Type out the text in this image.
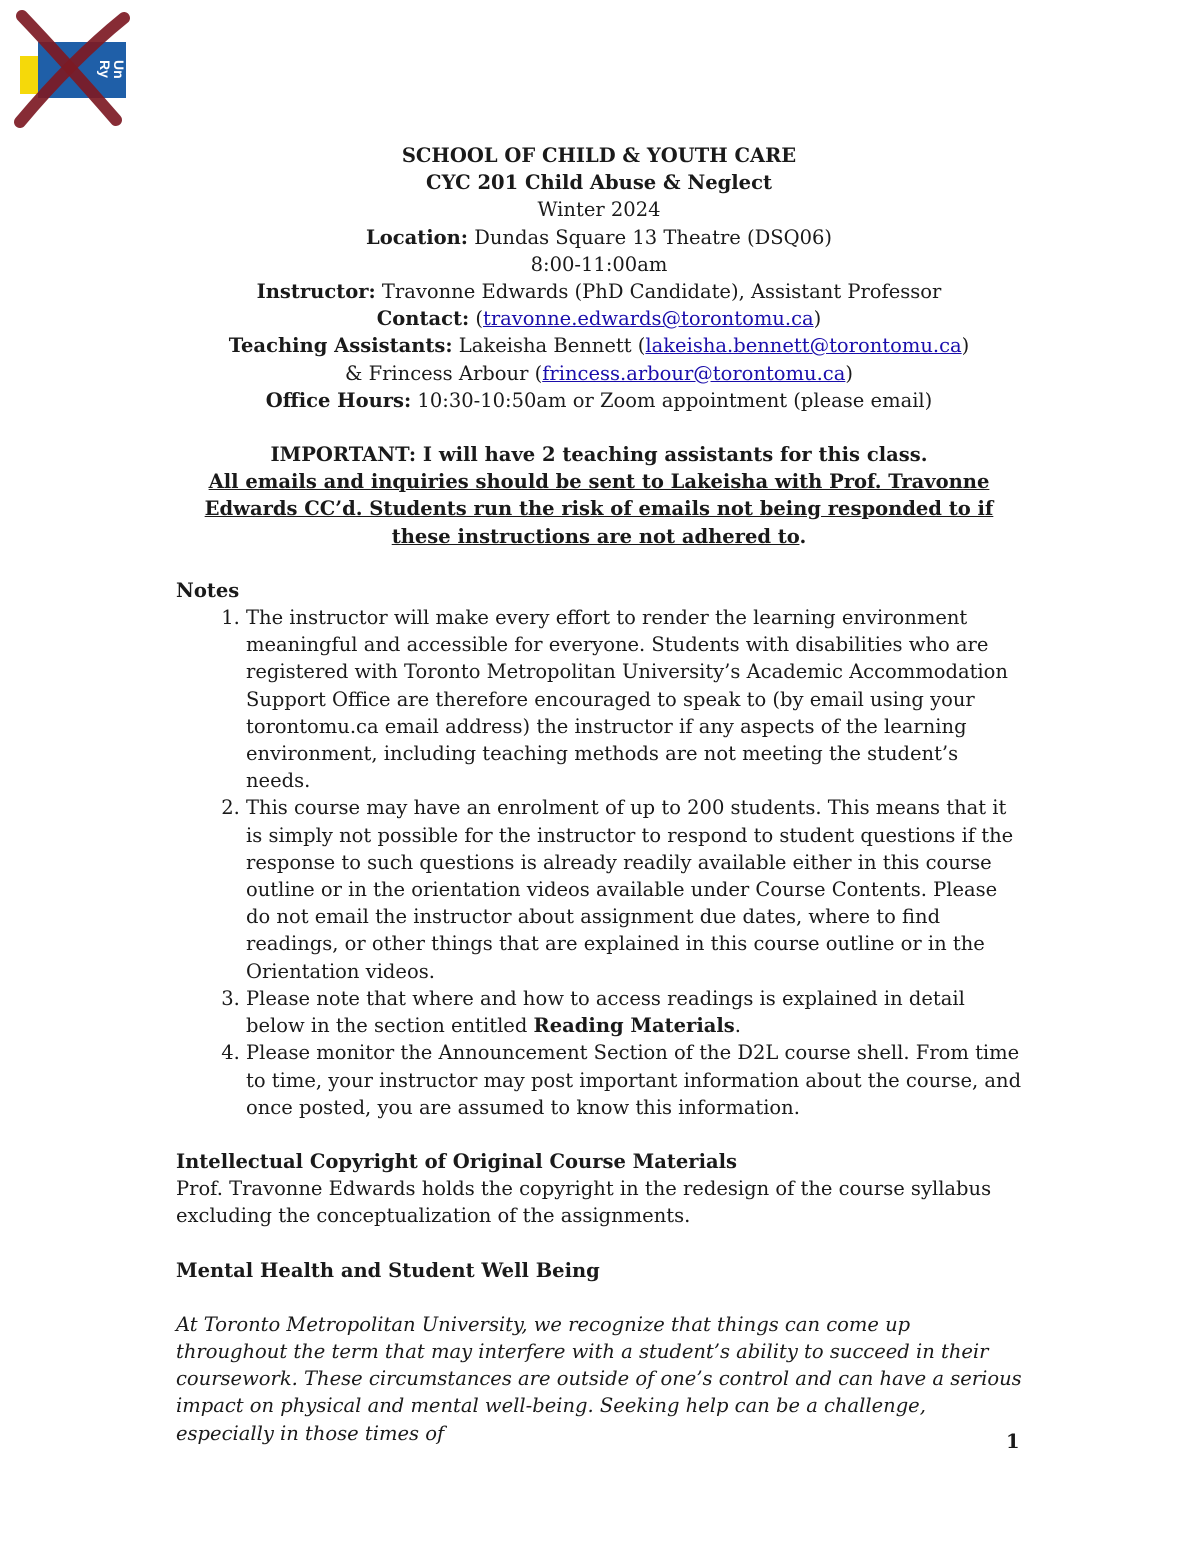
Ry
Un
SCHOOL OF CHILD & YOUTH CARE
CYC 201 Child Abuse & Neglect
Winter 2024
Location: Dundas Square 13 Theatre (DSQ06)
8:00-11:00am
Instructor: Travonne Edwards (PhD Candidate), Assistant Professor
Contact: (travonne.edwards@torontomu.ca)
Teaching Assistants: Lakeisha Bennett (lakeisha.bennett@torontomu.ca)
& Frincess Arbour (frincess.arbour@torontomu.ca)
Office Hours: 10:30-10:50am or Zoom appointment (please email)
IMPORTANT: I will have 2 teaching assistants for this class.
All emails and inquiries should be sent to Lakeisha with Prof. Travonne Edwards CC’d. Students run the risk of emails not being responded to if these instructions are not adhered to.
Notes
1. The instructor will make every effort to render the learning environment meaningful and accessible for everyone. Students with disabilities who are registered with Toronto Metropolitan University’s Academic Accommodation Support Office are therefore encouraged to speak to (by email using your torontomu.ca email address) the instructor if any aspects of the learning environment, including teaching methods are not meeting the student’s needs.
2. This course may have an enrolment of up to 200 students. This means that it is simply not possible for the instructor to respond to student questions if the response to such questions is already readily available either in this course outline or in the orientation videos available under Course Contents. Please do not email the instructor about assignment due dates, where to find readings, or other things that are explained in this course outline or in the Orientation videos.
3. Please note that where and how to access readings is explained in detail below in the section entitled Reading Materials.
4. Please monitor the Announcement Section of the D2L course shell. From time to time, your instructor may post important information about the course, and once posted, you are assumed to know this information.
Intellectual Copyright of Original Course Materials
Prof. Travonne Edwards holds the copyright in the redesign of the course syllabus excluding the conceptualization of the assignments.
Mental Health and Student Well Being
At Toronto Metropolitan University, we recognize that things can come up throughout the term that may interfere with a student’s ability to succeed in their coursework. These circumstances are outside of one’s control and can have a serious impact on physical and mental well-being. Seeking help can be a challenge, especially in those times of	1
